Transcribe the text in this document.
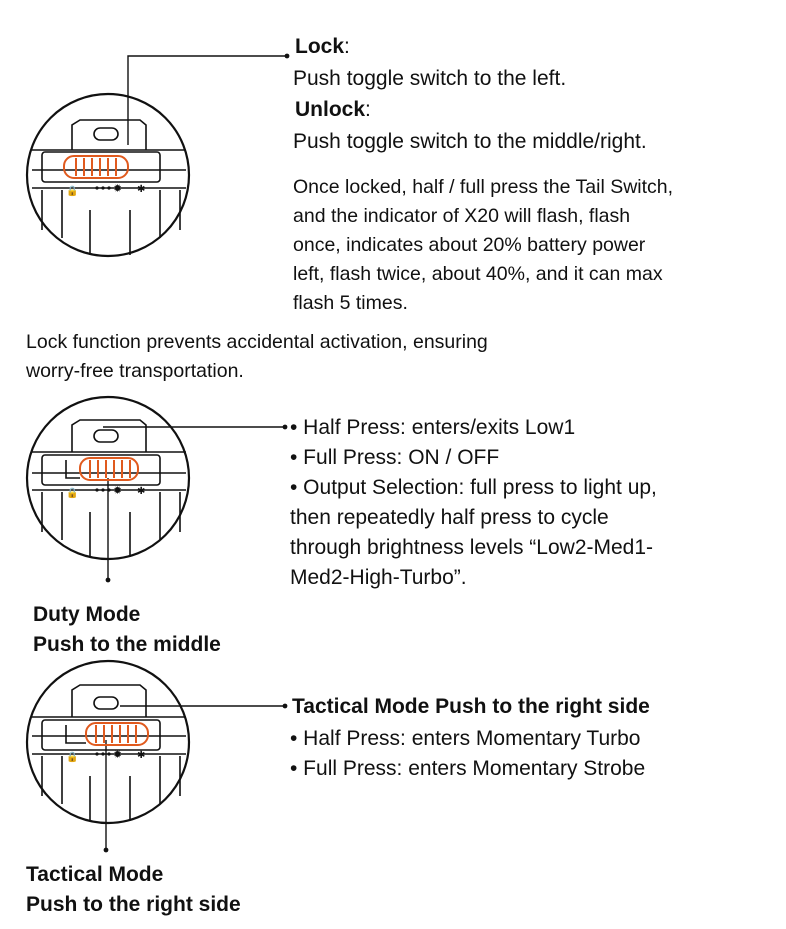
🔒	✹ ✱
Lock:
Push toggle switch to the left.
Unlock:
Push toggle switch to the middle/right.
Once locked, half / full press the Tail Switch,
and the indicator of X20 will flash, flash
once, indicates about 20% battery power
left, flash twice, about 40%, and it can max
flash 5 times.
Lock function prevents accidental activation, ensuring
worry-free transportation.
🔒	✹ ✱
• Half Press: enters/exits Low1
• Full Press: ON / OFF
• Output Selection: full press to light up,
then repeatedly half press to cycle
through brightness levels “Low2-Med1-
Med2-High-Turbo”.
Duty Mode
Push to the middle
🔒	✹ ✱
Tactical Mode Push to the right side
• Half Press: enters Momentary Turbo
• Full Press: enters Momentary Strobe
Tactical Mode
Push to the right side
